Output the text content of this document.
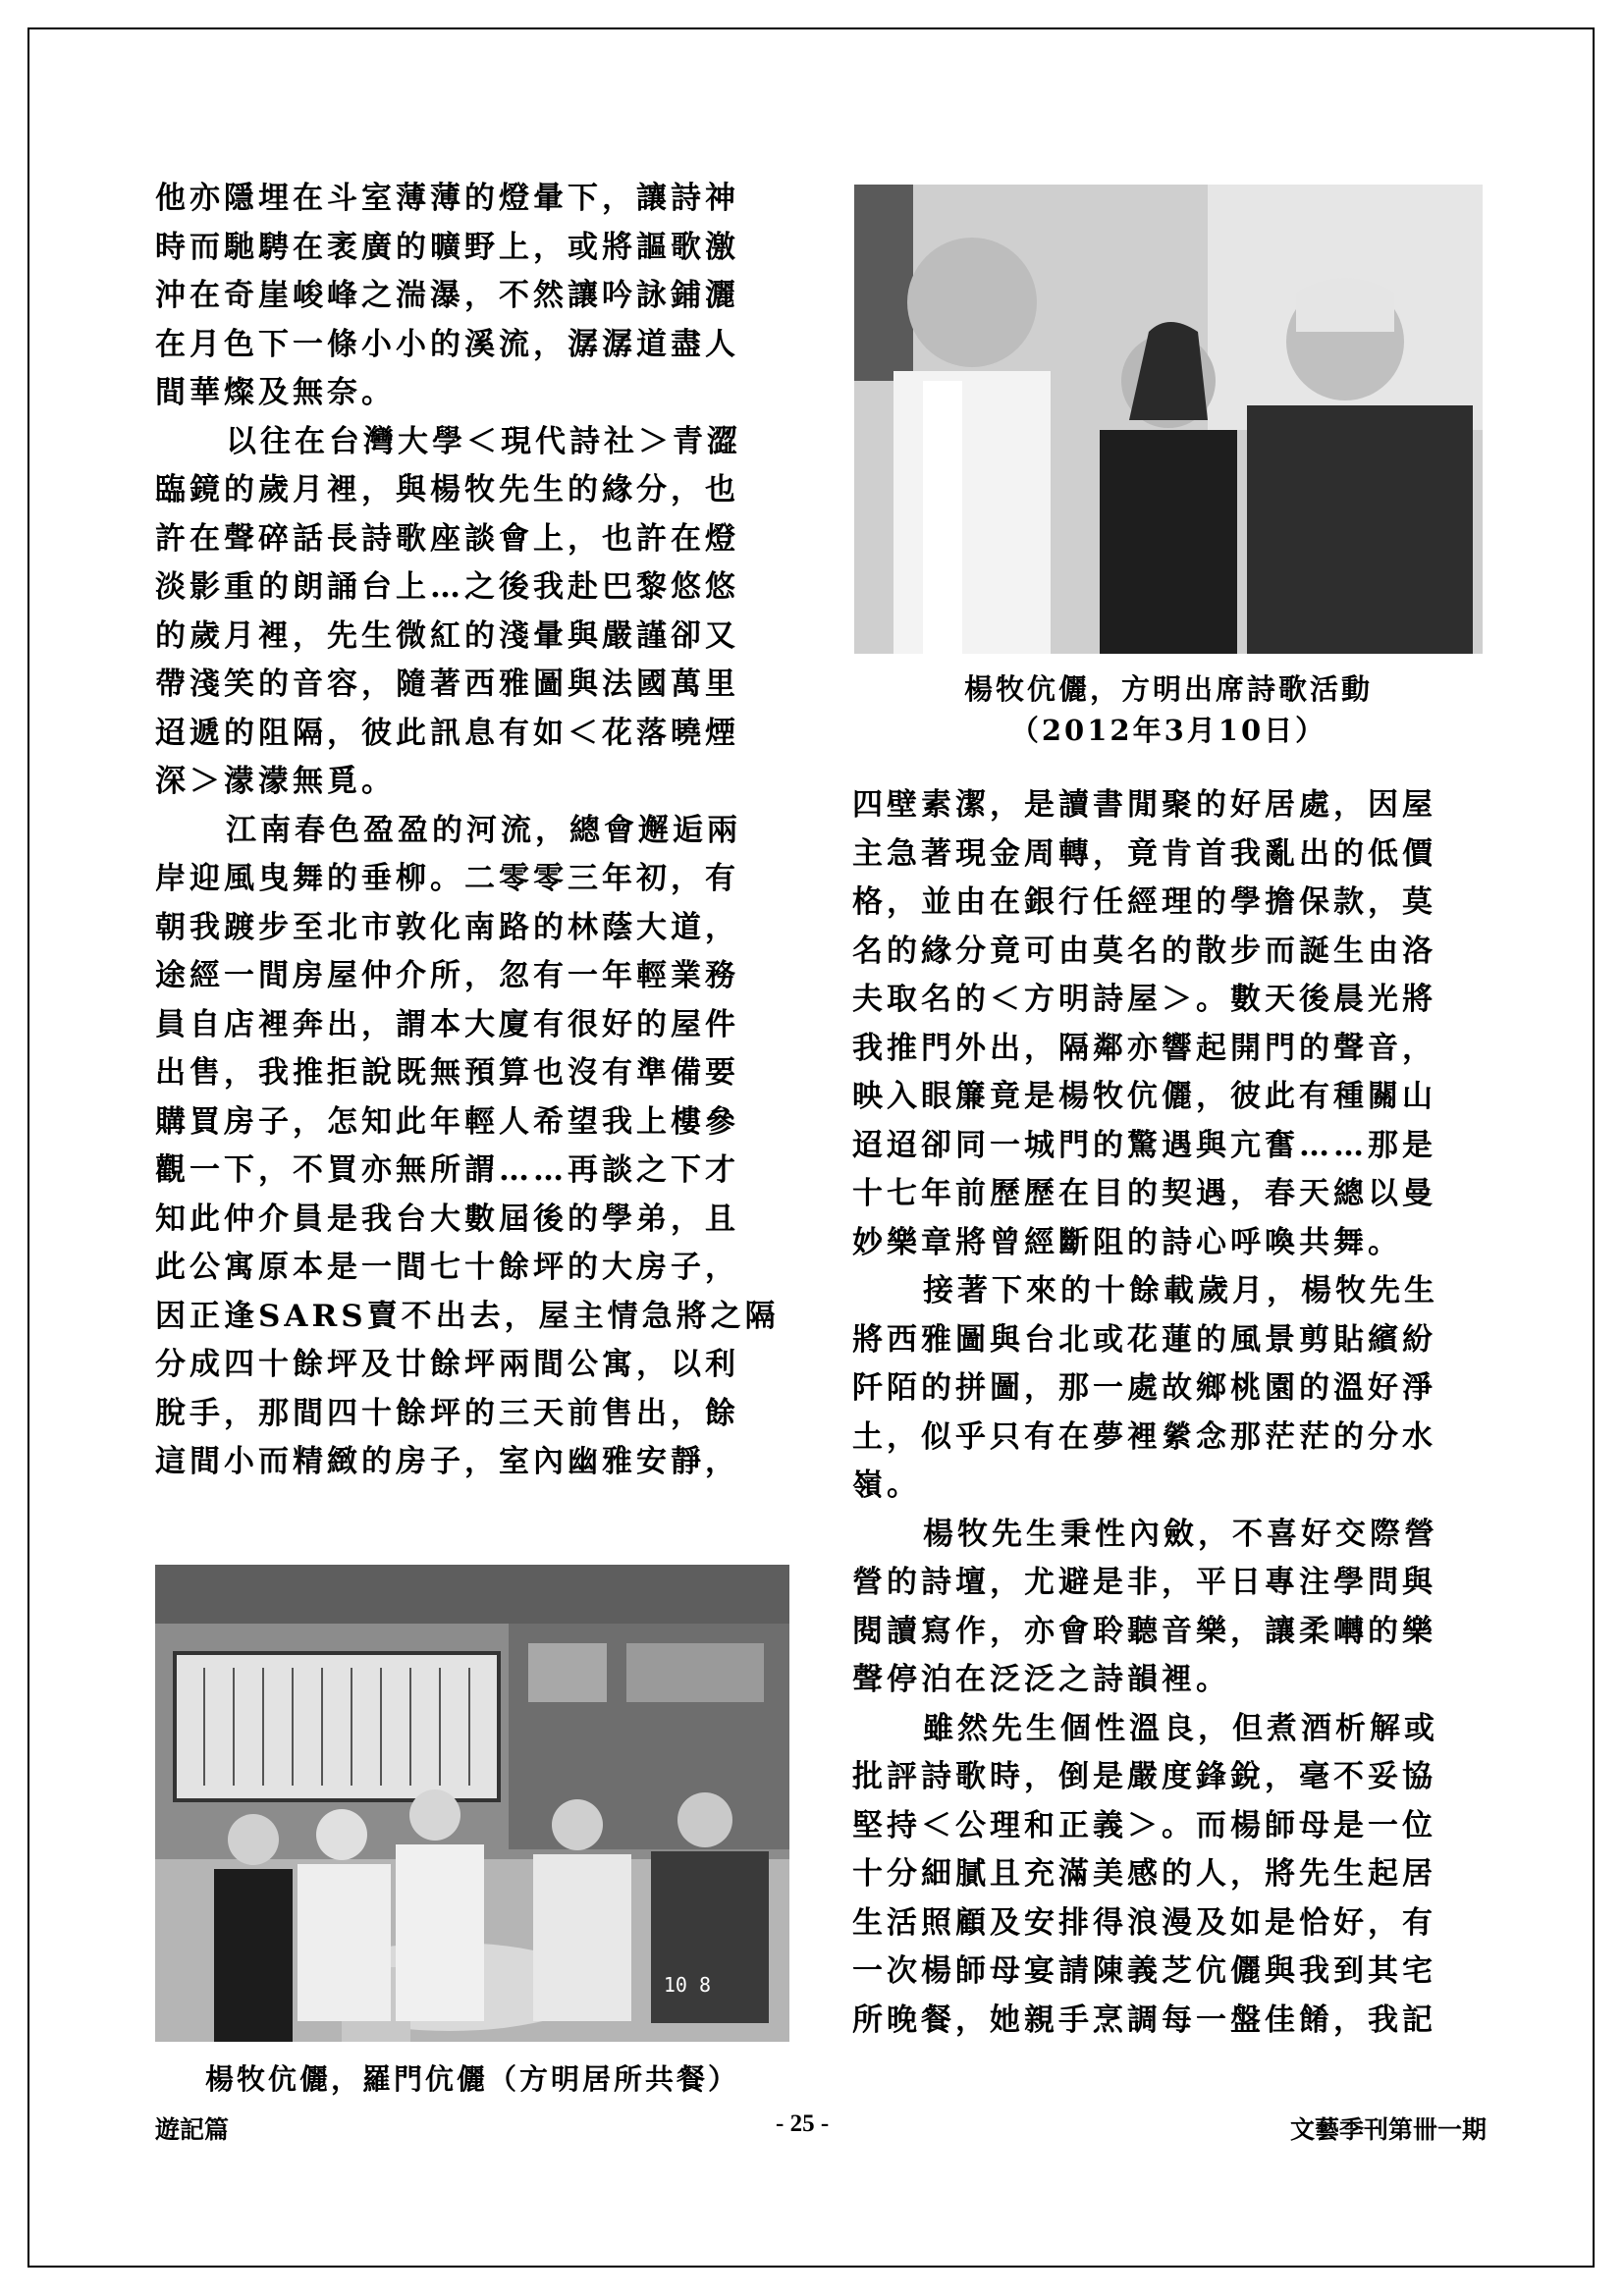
他亦隱埋在斗室薄薄的燈暈下，讓詩神

時而馳騁在袤廣的曠野上，或將謳歌激

沖在奇崖峻峰之湍瀑，不然讓吟詠鋪灑

在月色下一條小小的溪流，潺潺道盡人

間華燦及無奈。

以往在台灣大學＜現代詩社＞青澀

臨鏡的歲月裡，與楊牧先生的緣分，也

許在聲碎話長詩歌座談會上，也許在燈

淡影重的朗誦台上…之後我赴巴黎悠悠

的歲月裡，先生微紅的淺暈與嚴謹卻又

帶淺笑的音容，隨著西雅圖與法國萬里

迢遞的阻隔，彼此訊息有如＜花落曉煙

深＞濛濛無覓。

江南春色盈盈的河流，總會邂逅兩

岸迎風曳舞的垂柳。二零零三年初，有

朝我踱步至北市敦化南路的林蔭大道，

途經一間房屋仲介所，忽有一年輕業務

員自店裡奔出，謂本大廈有很好的屋件

出售，我推拒說既無預算也沒有準備要

購買房子，怎知此年輕人希望我上樓參

觀一下，不買亦無所謂……再談之下才

知此仲介員是我台大數屆後的學弟，且

此公寓原本是一間七十餘坪的大房子，

因正逢SARS賣不出去，屋主情急將之隔

分成四十餘坪及廿餘坪兩間公寓，以利

脫手，那間四十餘坪的三天前售出，餘

這間小而精緻的房子，室內幽雅安靜，

10 8
楊牧伉儷，羅門伉儷（方明居所共餐）
楊牧伉儷，方明出席詩歌活動
（2012年3月10日）

四壁素潔，是讀書閒聚的好居處，因屋

主急著現金周轉，竟肯首我亂出的低價

格，並由在銀行任經理的學擔保款，莫

名的緣分竟可由莫名的散步而誕生由洛

夫取名的＜方明詩屋＞。數天後晨光將

我推門外出，隔鄰亦響起開門的聲音，

映入眼簾竟是楊牧伉儷，彼此有種關山

迢迢卻同一城門的驚遇與亢奮……那是

十七年前歷歷在目的契遇，春天總以曼

妙樂章將曾經斷阻的詩心呼喚共舞。

接著下來的十餘載歲月，楊牧先生

將西雅圖與台北或花蓮的風景剪貼繽紛

阡陌的拼圖，那一處故鄉桃園的溫好淨

土，似乎只有在夢裡縈念那茫茫的分水

嶺。

楊牧先生秉性內斂，不喜好交際營

營的詩壇，尤避是非，平日專注學問與

閱讀寫作，亦會聆聽音樂，讓柔囀的樂

聲停泊在泛泛之詩韻裡。

雖然先生個性溫良，但煮酒析解或

批評詩歌時，倒是嚴度鋒銳，毫不妥協

堅持＜公理和正義＞。而楊師母是一位

十分細膩且充滿美感的人，將先生起居

生活照顧及安排得浪漫及如是恰好，有

一次楊師母宴請陳義芝伉儷與我到其宅

所晚餐，她親手烹調每一盤佳餚，我記

遊記篇	- 25 -	文藝季刊第卌一期
